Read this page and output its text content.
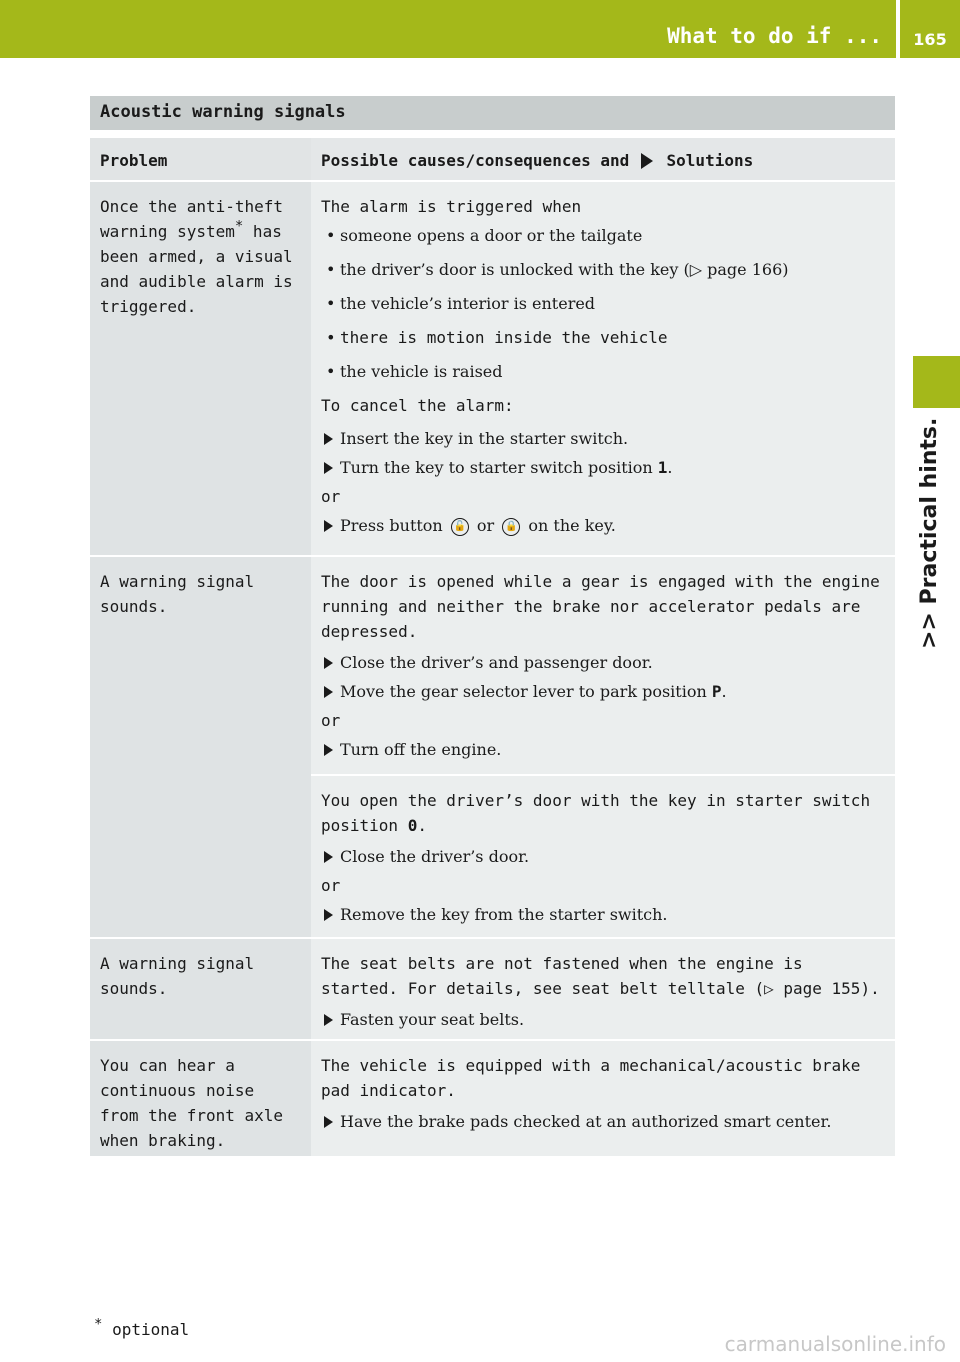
What to do if ...	165
>> Practical hints.
Acoustic warning signals
Problem	Possible causes/consequences and Solutions
Once the anti-theft warning system* has been armed, a visual and audible alarm is triggered.

The alarm is triggered when

• someone opens a door or the tailgate
• the driver’s door is unlocked with the key (▷ page 166)
• the vehicle’s interior is entered
• there is motion inside the vehicle
• the vehicle is raised

To cancel the alarm:

Insert the key in the starter switch.
Turn the key to starter switch position 1.

or

Press button 🔓 or 🔒 on the key.
A warning signal sounds.

The door is opened while a gear is engaged with the engine running and neither the brake nor accelerator pedals are depressed.

Close the driver’s and passenger door.
Move the gear selector lever to park position P.

or

Turn off the engine.

You open the driver’s door with the key in starter switch position 0.

Close the driver’s door.

or

Remove the key from the starter switch.
A warning signal sounds.

The seat belts are not fastened when the engine is started. For details, see seat belt telltale (▷ page 155).

Fasten your seat belts.
You can hear a continuous noise from the front axle when braking.

The vehicle is equipped with a mechanical/acoustic brake pad indicator.

Have the brake pads checked at an authorized smart center.
* optional
carmanualsonline.info
